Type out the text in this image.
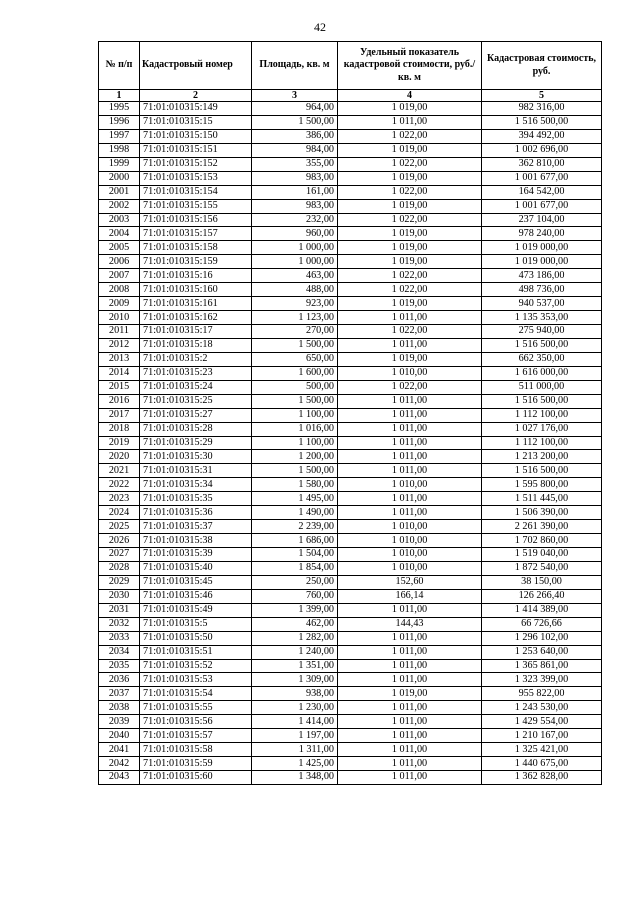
42
№ п/п	Кадастровый номер	Площадь, кв. м	Удельный показатель кадастровой стоимости, руб./кв. м	Кадастровая стоимость, руб.
1	2	3	4	5
1995	71:01:010315:149	964,00	1 019,00	982 316,00
1996	71:01:010315:15	1 500,00	1 011,00	1 516 500,00
1997	71:01:010315:150	386,00	1 022,00	394 492,00
1998	71:01:010315:151	984,00	1 019,00	1 002 696,00
1999	71:01:010315:152	355,00	1 022,00	362 810,00
2000	71:01:010315:153	983,00	1 019,00	1 001 677,00
2001	71:01:010315:154	161,00	1 022,00	164 542,00
2002	71:01:010315:155	983,00	1 019,00	1 001 677,00
2003	71:01:010315:156	232,00	1 022,00	237 104,00
2004	71:01:010315:157	960,00	1 019,00	978 240,00
2005	71:01:010315:158	1 000,00	1 019,00	1 019 000,00
2006	71:01:010315:159	1 000,00	1 019,00	1 019 000,00
2007	71:01:010315:16	463,00	1 022,00	473 186,00
2008	71:01:010315:160	488,00	1 022,00	498 736,00
2009	71:01:010315:161	923,00	1 019,00	940 537,00
2010	71:01:010315:162	1 123,00	1 011,00	1 135 353,00
2011	71:01:010315:17	270,00	1 022,00	275 940,00
2012	71:01:010315:18	1 500,00	1 011,00	1 516 500,00
2013	71:01:010315:2	650,00	1 019,00	662 350,00
2014	71:01:010315:23	1 600,00	1 010,00	1 616 000,00
2015	71:01:010315:24	500,00	1 022,00	511 000,00
2016	71:01:010315:25	1 500,00	1 011,00	1 516 500,00
2017	71:01:010315:27	1 100,00	1 011,00	1 112 100,00
2018	71:01:010315:28	1 016,00	1 011,00	1 027 176,00
2019	71:01:010315:29	1 100,00	1 011,00	1 112 100,00
2020	71:01:010315:30	1 200,00	1 011,00	1 213 200,00
2021	71:01:010315:31	1 500,00	1 011,00	1 516 500,00
2022	71:01:010315:34	1 580,00	1 010,00	1 595 800,00
2023	71:01:010315:35	1 495,00	1 011,00	1 511 445,00
2024	71:01:010315:36	1 490,00	1 011,00	1 506 390,00
2025	71:01:010315:37	2 239,00	1 010,00	2 261 390,00
2026	71:01:010315:38	1 686,00	1 010,00	1 702 860,00
2027	71:01:010315:39	1 504,00	1 010,00	1 519 040,00
2028	71:01:010315:40	1 854,00	1 010,00	1 872 540,00
2029	71:01:010315:45	250,00	152,60	38 150,00
2030	71:01:010315:46	760,00	166,14	126 266,40
2031	71:01:010315:49	1 399,00	1 011,00	1 414 389,00
2032	71:01:010315:5	462,00	144,43	66 726,66
2033	71:01:010315:50	1 282,00	1 011,00	1 296 102,00
2034	71:01:010315:51	1 240,00	1 011,00	1 253 640,00
2035	71:01:010315:52	1 351,00	1 011,00	1 365 861,00
2036	71:01:010315:53	1 309,00	1 011,00	1 323 399,00
2037	71:01:010315:54	938,00	1 019,00	955 822,00
2038	71:01:010315:55	1 230,00	1 011,00	1 243 530,00
2039	71:01:010315:56	1 414,00	1 011,00	1 429 554,00
2040	71:01:010315:57	1 197,00	1 011,00	1 210 167,00
2041	71:01:010315:58	1 311,00	1 011,00	1 325 421,00
2042	71:01:010315:59	1 425,00	1 011,00	1 440 675,00
2043	71:01:010315:60	1 348,00	1 011,00	1 362 828,00
